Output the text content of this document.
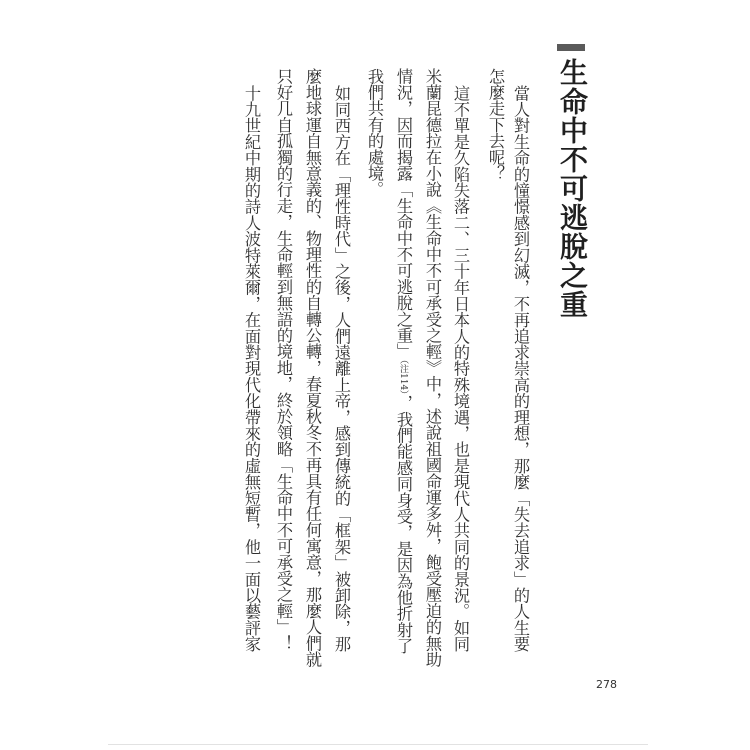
生命中不可逃脫之重
當人對生命的憧憬感到幻滅，不再追求崇高的理想，那麼「失去追求」的人生要
怎麼走下去呢？
這不單是久陷失落二、三十年日本人的特殊境遇，也是現代人共同的景況。如同
米蘭昆德拉在小說《生命中不可承受之輕》中，述說祖國命運多舛，飽受壓迫的無助
情況，因而揭露「生命中不可逃脫之重」（注114），我們能感同身受，是因為他折射了
我們共有的處境。
如同西方在「理性時代」之後，人們遠離上帝，感到傳統的「框架」被卸除，那
麼地球運自無意義的、物理性的自轉公轉，春夏秋冬不再具有任何寓意，那麼人們就
只好几自孤獨的行走，生命輕到無語的境地，終於領略「生命中不可承受之輕」！
十九世紀中期的詩人波特萊爾，在面對現代化帶來的虛無短暫，他一面以藝評家
278
